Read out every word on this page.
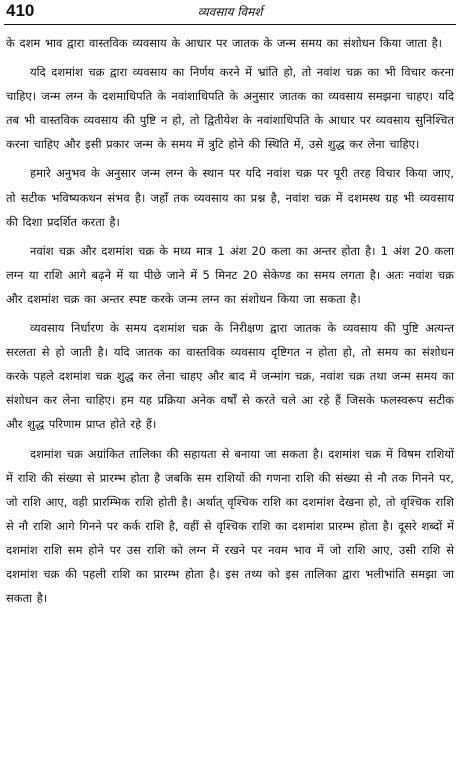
410	व्यवसाय विमर्श

के दशम भाव द्वारा वास्तविक व्यवसाय के आधार पर जातक के जन्म समय का संशोधन किया जाता है।

यदि दशमांश चक्र द्वारा व्यवसाय का निर्णय करने में भ्रांति हो, तो नवांश चक्र का भी विचार करना चाहिए। जन्म लग्न के दशमाधिपति के नवांशाधिपति के अनुसार जातक का व्यवसाय समझना चाहए। यदि तब भी वास्तविक व्यवसाय की पुष्टि न हो, तो द्वितीयेश के नवांशाधिपति के आधार पर व्यवसाय सुनिश्चित करना चाहिए और इसी प्रकार जन्म के समय में त्रुटि होने की स्थिति में, उसे शुद्ध कर लेना चाहिए।

हमारे अनुभव के अनुसार जन्म लग्न के स्थान पर यदि नवांश चक्र पर पूरी तरह विचार किया जाए, तो सटीक भविष्यकथन संभव है। जहाँ तक व्यवसाय का प्रश्न है, नवांश चक्र में दशमस्थ ग्रह भी व्यवसाय की दिशा प्रदर्शित करता है।

नवांश चक्र और दशमांश चक्र के मध्य मात्र 1 अंश 20 कला का अन्तर होता है। 1 अंश 20 कला लग्न या राशि आगे बढ़ने में या पीछे जाने में 5 मिनट 20 सेकेण्ड का समय लगता है। अतः नवांश चक्र और दशमांश चक्र का अन्तर स्पष्ट करके जन्म लग्न का संशोधन किया जा सकता है।

व्यवसाय निर्धारण के समय दशमांश चक्र के निरीक्षण द्वारा जातक के व्यवसाय की पुष्टि अत्यन्त सरलता से हो जाती है। यदि जातक का वास्तविक व्यवसाय दृष्टिगत न होता हो, तो समय का संशोधन करके पहले दशमांश चक्र शुद्ध कर लेना चाहए और बाद में जन्मांग चक्र, नवांश चक्र तथा जन्म समय का संशोधन कर लेना चाहिए। हम यह प्रक्रिया अनेक वर्षों से करते चले आ रहे हैं जिसके फलस्वरूप सटीक और शुद्ध परिणाम प्राप्त होते रहे हैं।

दशमांश चक्र अग्रांकित तालिका की सहायता से बनाया जा सकता है। दशमांश चक्र में विषम राशियों में राशि की संख्या से प्रारम्भ होता है जबकि सम राशियों की गणना राशि की संख्या से नौ तक गिनने पर, जो राशि आए, वही प्रारम्भिक राशि होती है। अर्थात् वृश्चिक राशि का दशमांश देखना हो, तो वृश्चिक राशि से नौ राशि आगे गिनने पर कर्क राशि है, वहीं से वृश्चिक राशि का दशमांश प्रारम्भ होता है। दूसरे शब्दों में दशमांश राशि सम होने पर उस राशि को लग्न में रखने पर नवम भाव में जो राशि आए, उसी राशि से दशमांश चक्र की पहली राशि का प्रारम्भ होता है। इस तथ्य को इस तालिका द्वारा भलीभांति समझा जा सकता है।
